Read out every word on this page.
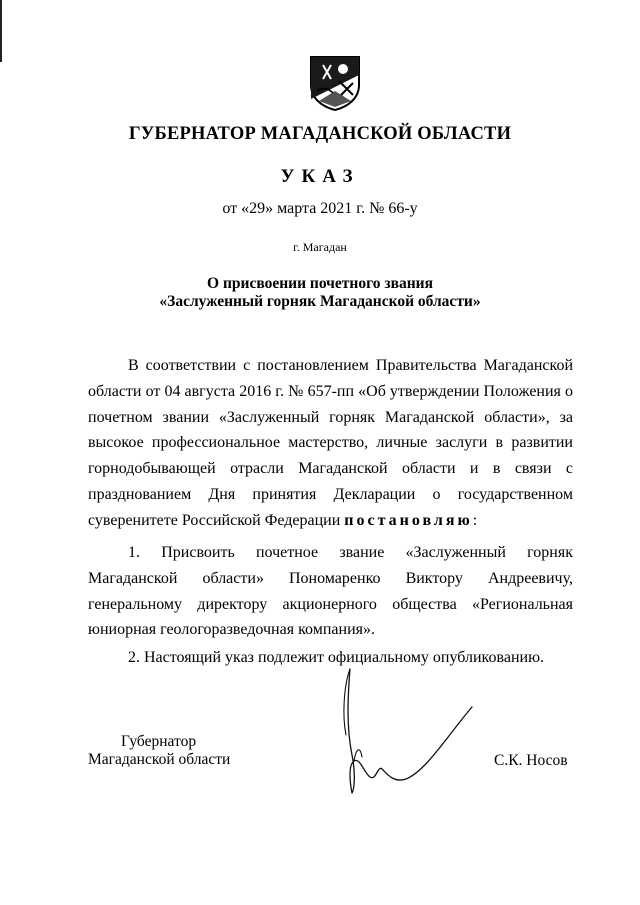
ГУБЕРНАТОР МАГАДАНСКОЙ ОБЛАСТИ
УКАЗ
от «29» марта 2021 г. № 66-у
г. Магадан
О присвоении почетного звания
«Заслуженный горняк Магаданской области»

В соответствии с постановлением Правительства Магаданской области от 04 августа 2016 г. № 657-пп «Об утверждении Положения о почетном звании «Заслуженный горняк Магаданской области», за высокое профессиональное мастерство, личные заслуги в развитии горнодобывающей отрасли Магаданской области и в связи с празднованием Дня принятия Декларации о государственном суверенитете Российской Федерации постановляю:

1. Присвоить почетное звание «Заслуженный горняк Магаданской области» Пономаренко Виктору Андреевичу, генеральному директору акционерного общества «Региональная юниорная геологоразведочная компания».

2. Настоящий указ подлежит официальному опубликованию.

Губернатор
Магаданской области	С.К. Носов
